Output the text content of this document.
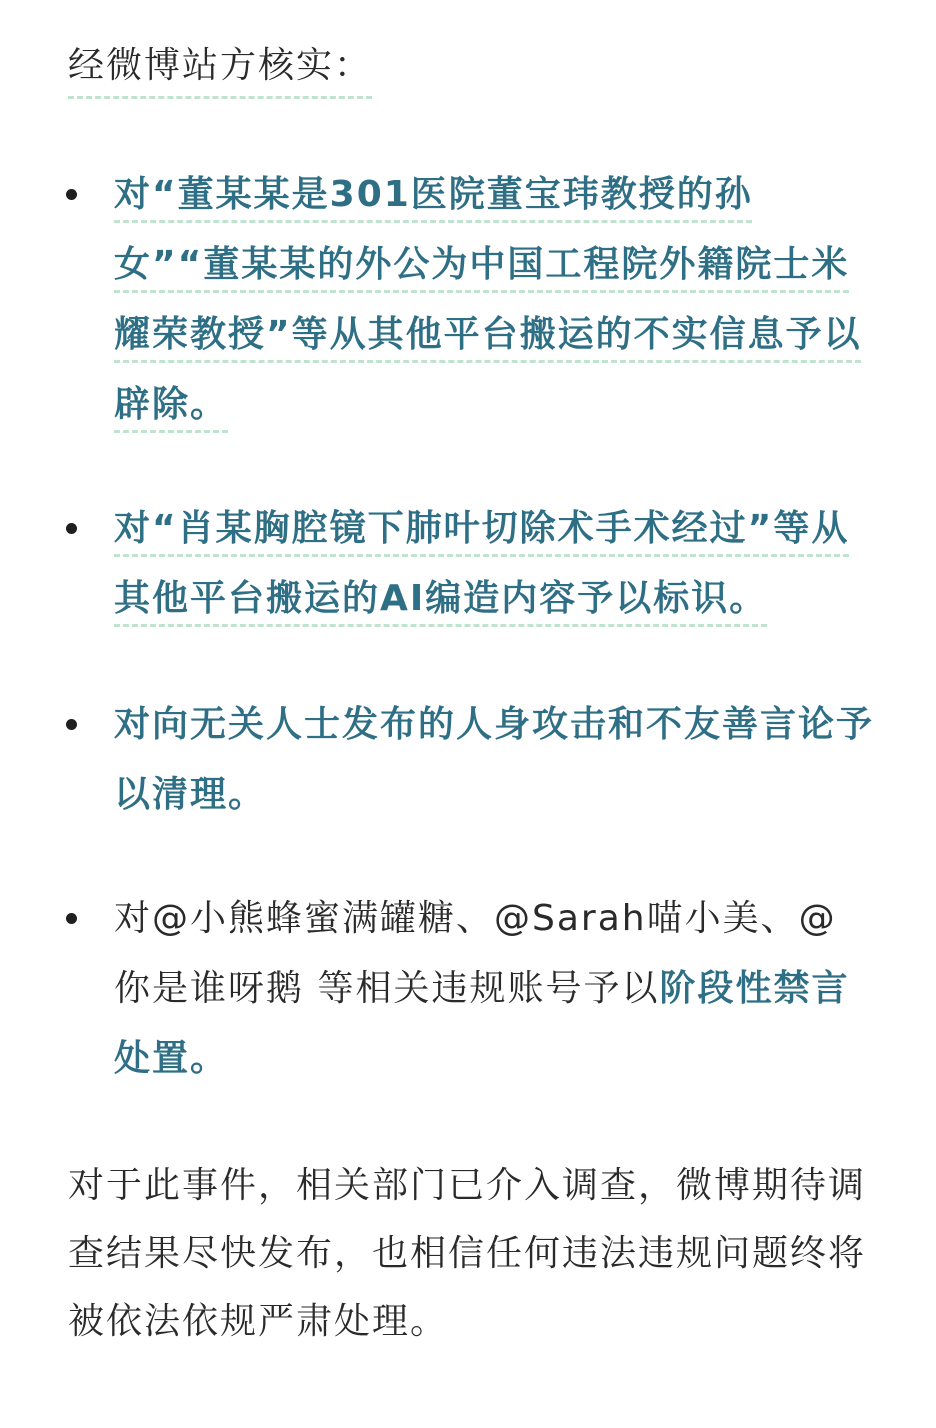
经微博站方核实：
对“董某某是301医院董宝玮教授的孙女”“董某某的外公为中国工程院外籍院士米耀荣教授”等从其他平台搬运的不实信息予以辟除。
对“肖某胸腔镜下肺叶切除术手术经过”等从其他平台搬运的AI编造内容予以标识。
对向无关人士发布的人身攻击和不友善言论予以清理。
对@小熊蜂蜜满罐糖、@Sarah喵小美、@你是谁呀鹅 等相关违规账号予以阶段性禁言处置。
对于此事件，相关部门已介入调查，微博期待调查结果尽快发布，也相信任何违法违规问题终将被依法依规严肃处理。
